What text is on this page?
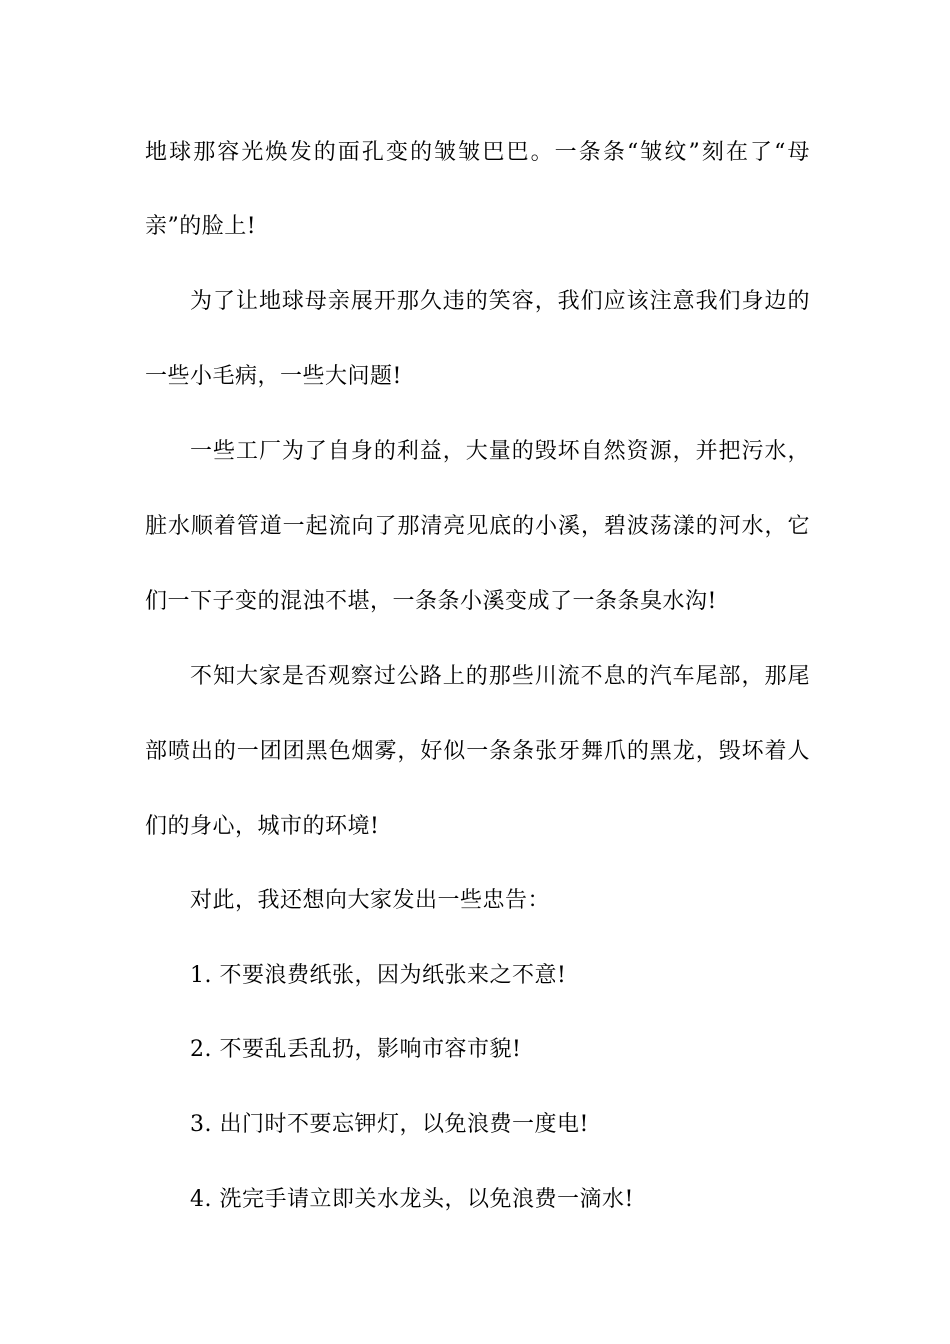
地球那容光焕发的面孔变的皱皱巴巴。一条条“皱纹”刻在了“母
亲”的脸上!
为了让地球母亲展开那久违的笑容，我们应该注意我们身边的
一些小毛病，一些大问题!
一些工厂为了自身的利益，大量的毁坏自然资源，并把污水，
脏水顺着管道一起流向了那清亮见底的小溪，碧波荡漾的河水，它
们一下子变的混浊不堪，一条条小溪变成了一条条臭水沟!
不知大家是否观察过公路上的那些川流不息的汽车尾部，那尾
部喷出的一团团黑色烟雾，好似一条条张牙舞爪的黑龙，毁坏着人
们的身心，城市的环境!
对此，我还想向大家发出一些忠告：
1. 不要浪费纸张，因为纸张来之不意!
2. 不要乱丢乱扔，影响市容市貌!
3. 出门时不要忘钾灯，以免浪费一度电!
4. 洗完手请立即关水龙头，以免浪费一滴水!
